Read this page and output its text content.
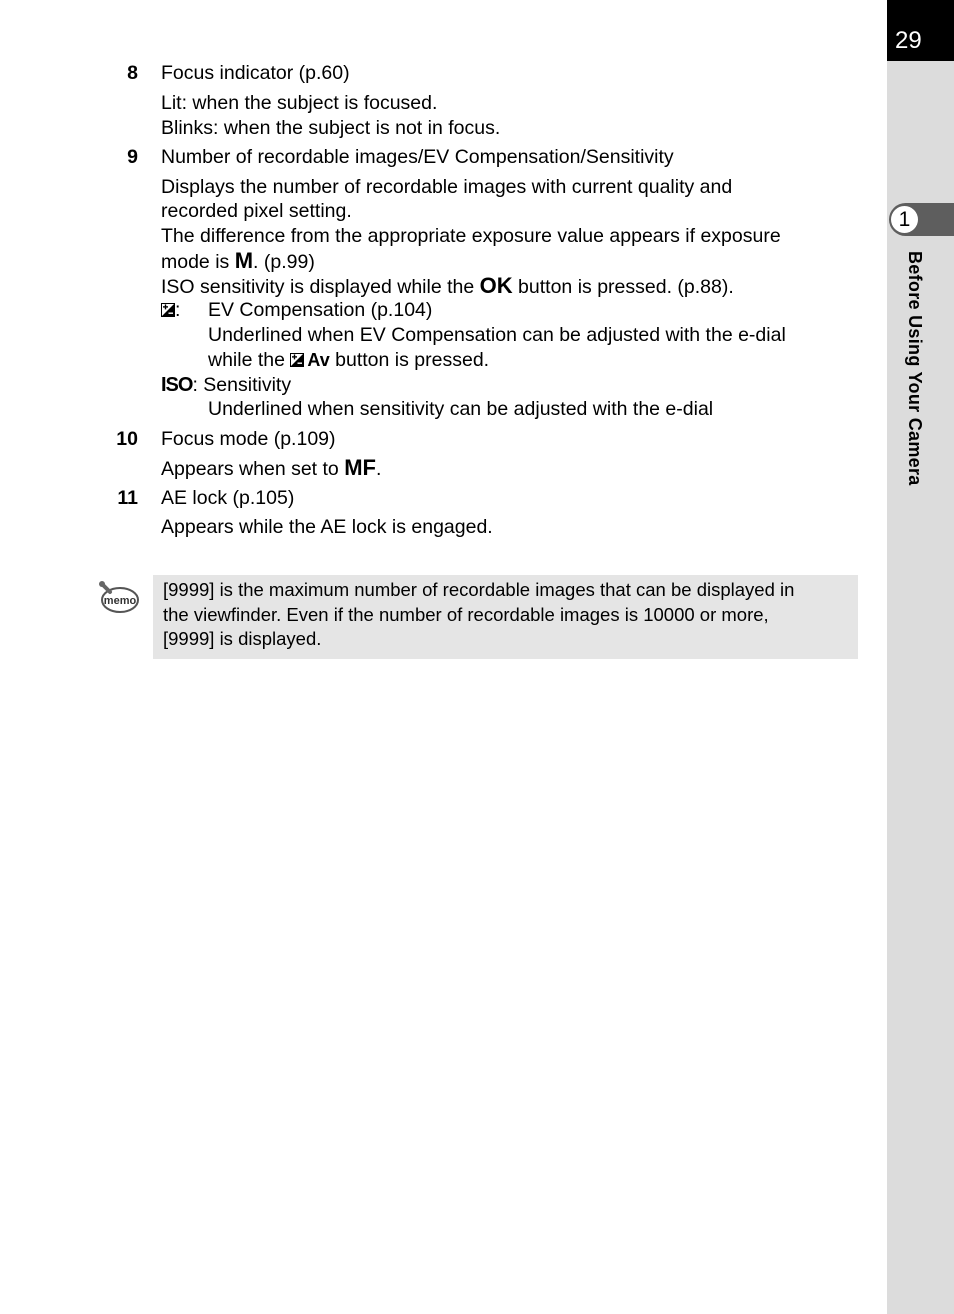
29
1
Before Using Your Camera
8 Focus indicator (p.60)
Lit: when the subject is focused.
Blinks: when the subject is not in focus.
9 Number of recordable images/EV Compensation/Sensitivity
Displays the number of recordable images with current quality and
recorded pixel setting.
The difference from the appropriate exposure value appears if exposure
mode is M. (p.99)
ISO sensitivity is displayed while the OK button is pressed. (p.88).
: EV Compensation (p.104)
Underlined when EV Compensation can be adjusted with the e-dial
while the Av button is pressed.
ISO: Sensitivity
Underlined when sensitivity can be adjusted with the e-dial
10 Focus mode (p.109)
Appears when set to MF.
11 AE lock (p.105)
Appears while the AE lock is engaged.
memo
[9999] is the maximum number of recordable images that can be displayed in
the viewfinder. Even if the number of recordable images is 10000 or more,
[9999] is displayed.
